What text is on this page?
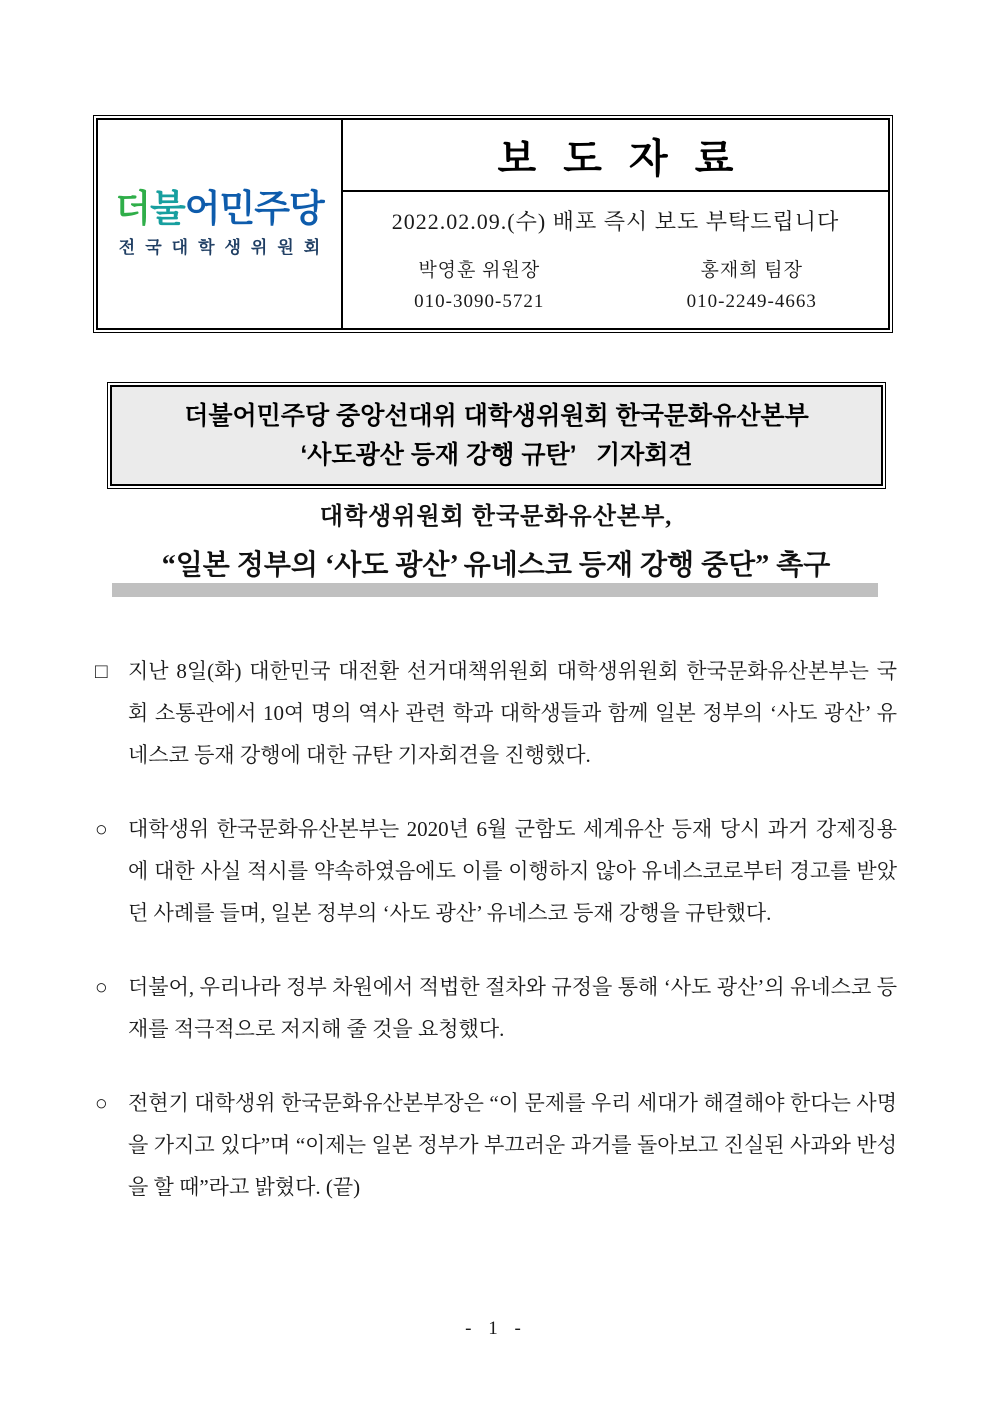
더불어민주당
전국대학생위원회
보 도 자 료
2022.02.09.(수) 배포 즉시 보도 부탁드립니다
박영훈 위원장
010-3090-5721
홍재희 팀장
010-2249-4663
더불어민주당 중앙선대위 대학생위원회 한국문화유산본부
‘사도광산 등재 강행 규탄’   기자회견

대학생위원회 한국문화유산본부,

“일본 정부의 ‘사도 광산’ 유네스코 등재 강행 중단” 촉구

□ 지난 8일(화) 대한민국 대전환 선거대책위원회 대학생위원회 한국문화유산본부는 국회 소통관에서 10여 명의 역사 관련 학과 대학생들과 함께 일본 정부의 ‘사도 광산’ 유네스코 등재 강행에 대한 규탄 기자회견을 진행했다.

○ 대학생위 한국문화유산본부는 2020년 6월 군함도 세계유산 등재 당시 과거 강제징용에 대한 사실 적시를 약속하였음에도 이를 이행하지 않아 유네스코로부터 경고를 받았던 사례를 들며, 일본 정부의 ‘사도 광산’ 유네스코 등재 강행을 규탄했다.

○ 더불어, 우리나라 정부 차원에서 적법한 절차와 규정을 통해 ‘사도 광산’의 유네스코 등재를 적극적으로 저지해 줄 것을 요청했다.

○ 전현기 대학생위 한국문화유산본부장은 “이 문제를 우리 세대가 해결해야 한다는 사명을 가지고 있다”며 “이제는 일본 정부가 부끄러운 과거를 돌아보고 진실된 사과와 반성을 할 때”라고 밝혔다. (끝)

- 1 -
